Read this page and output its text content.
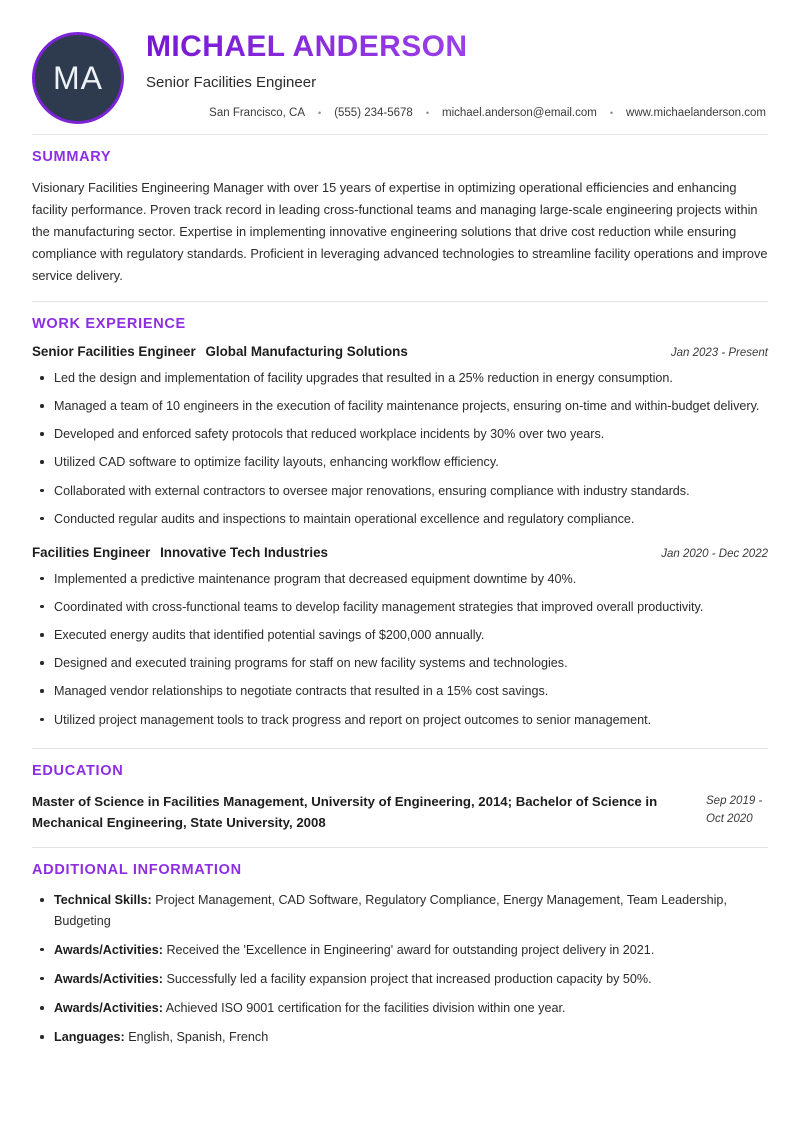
MA
MICHAEL ANDERSON
Senior Facilities Engineer
San Francisco, CA	•	(555) 234-5678	•	michael.anderson@email.com	•	www.michaelanderson.com
SUMMARY

Visionary Facilities Engineering Manager with over 15 years of expertise in optimizing operational efficiencies and enhancing facility performance. Proven track record in leading cross-functional teams and managing large-scale engineering projects within the manufacturing sector. Expertise in implementing innovative engineering solutions that drive cost reduction while ensuring compliance with regulatory standards. Proficient in leveraging advanced technologies to streamline facility operations and improve service delivery.

WORK EXPERIENCE
Senior Facilities Engineer Global Manufacturing Solutions	Jan 2023 - Present
Led the design and implementation of facility upgrades that resulted in a 25% reduction in energy consumption.
Managed a team of 10 engineers in the execution of facility maintenance projects, ensuring on-time and within-budget delivery.
Developed and enforced safety protocols that reduced workplace incidents by 30% over two years.
Utilized CAD software to optimize facility layouts, enhancing workflow efficiency.
Collaborated with external contractors to oversee major renovations, ensuring compliance with industry standards.
Conducted regular audits and inspections to maintain operational excellence and regulatory compliance.
Facilities Engineer Innovative Tech Industries	Jan 2020 - Dec 2022
Implemented a predictive maintenance program that decreased equipment downtime by 40%.
Coordinated with cross-functional teams to develop facility management strategies that improved overall productivity.
Executed energy audits that identified potential savings of $200,000 annually.
Designed and executed training programs for staff on new facility systems and technologies.
Managed vendor relationships to negotiate contracts that resulted in a 15% cost savings.
Utilized project management tools to track progress and report on project outcomes to senior management.
EDUCATION
Master of Science in Facilities Management, University of Engineering, 2014; Bachelor of Science in Mechanical Engineering, State University, 2008
Sep 2019 - Oct 2020
ADDITIONAL INFORMATION
Technical Skills: Project Management, CAD Software, Regulatory Compliance, Energy Management, Team Leadership, Budgeting
Awards/Activities: Received the 'Excellence in Engineering' award for outstanding project delivery in 2021.
Awards/Activities: Successfully led a facility expansion project that increased production capacity by 50%.
Awards/Activities: Achieved ISO 9001 certification for the facilities division within one year.
Languages: English, Spanish, French
